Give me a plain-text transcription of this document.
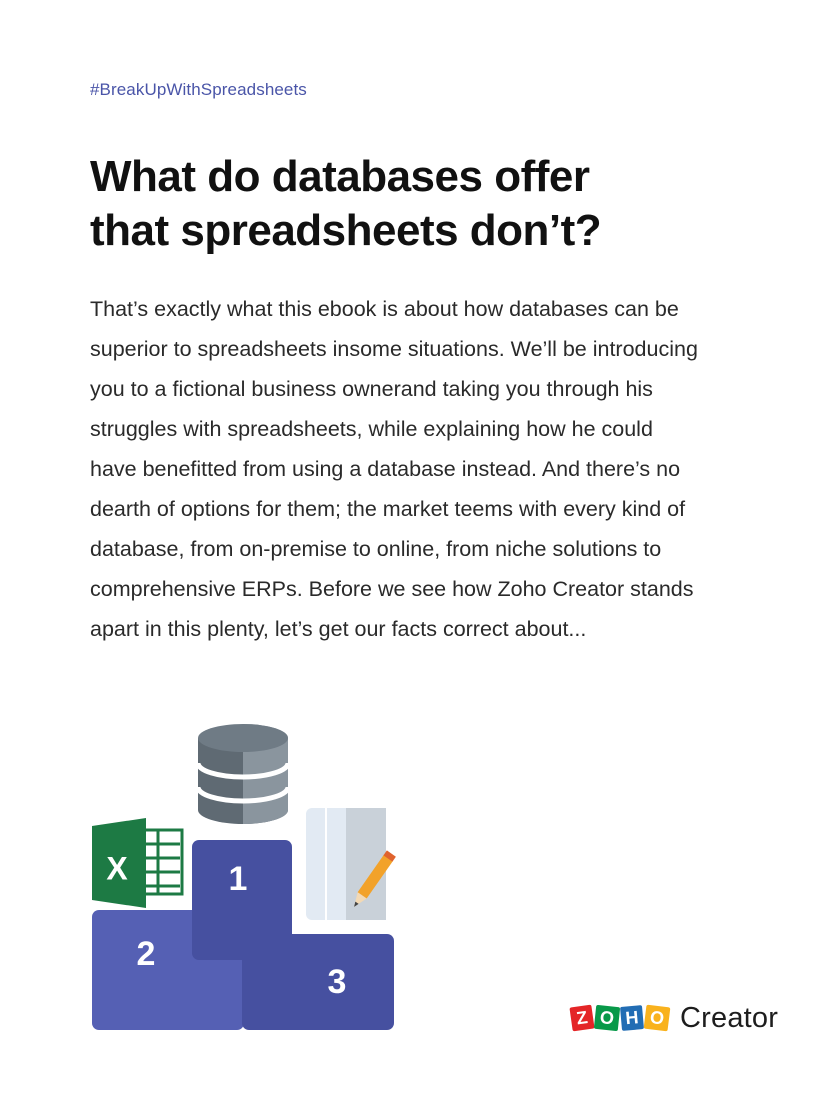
#BreakUpWithSpreadsheets
What do databases offer
that spreadsheets don’t?
That’s exactly what this ebook is about how databases can be
superior to spreadsheets insome situations. We’ll be introducing
you to a fictional business ownerand taking you through his
struggles with spreadsheets, while explaining how he could
have benefitted from using a database instead. And there’s no
dearth of options for them; the market teems with every kind of
database, from on-premise to online, from niche solutions to
comprehensive ERPs. Before we see how Zoho Creator stands
apart in this plenty, let’s get our facts correct about...
X	1
2
3
Z O H O Creator
